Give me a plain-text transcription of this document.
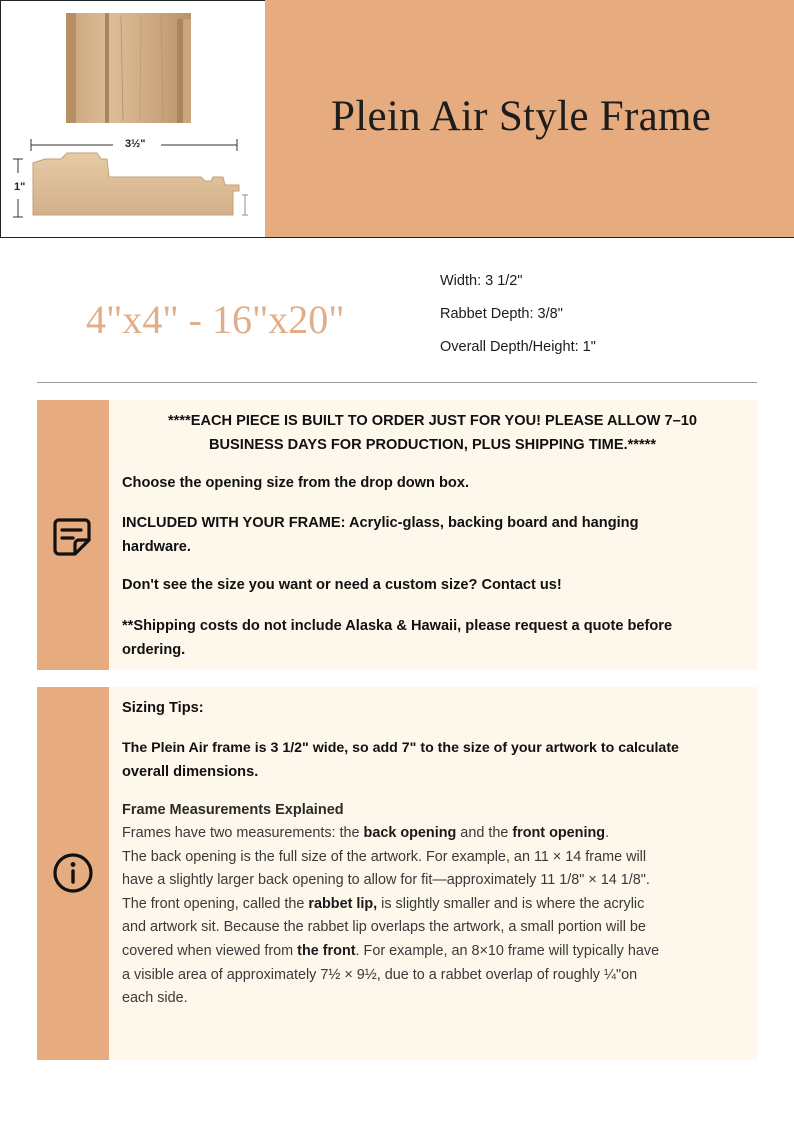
3½"
1"
Plein Air Style Frame
4"x4" - 16"x20"
Width: 3 1/2"
Rabbet Depth: 3/8"
Overall Depth/Height: 1"
****EACH PIECE IS BUILT TO ORDER JUST FOR YOU! PLEASE ALLOW 7–10
BUSINESS DAYS FOR PRODUCTION, PLUS SHIPPING TIME.*****
Choose the opening size from the drop down box.
INCLUDED WITH YOUR FRAME: Acrylic-glass, backing board and hanging
hardware.
Don't see the size you want or need a custom size? Contact us!
**Shipping costs do not include Alaska & Hawaii, please request a quote before
ordering.
Sizing Tips:
The Plein Air frame is 3 1/2" wide, so add 7" to the size of your artwork to calculate
overall dimensions.
Frame Measurements Explained
Frames have two measurements: the back opening and the front opening.
The back opening is the full size of the artwork. For example, an 11 × 14 frame will
have a slightly larger back opening to allow for fit—approximately 11 1/8" × 14 1/8".
The front opening, called the rabbet lip, is slightly smaller and is where the acrylic
and artwork sit. Because the rabbet lip overlaps the artwork, a small portion will be
covered when viewed from the front. For example, an 8×10 frame will typically have
a visible area of approximately 7½ × 9½, due to a rabbet overlap of roughly ¼"on
each side.
